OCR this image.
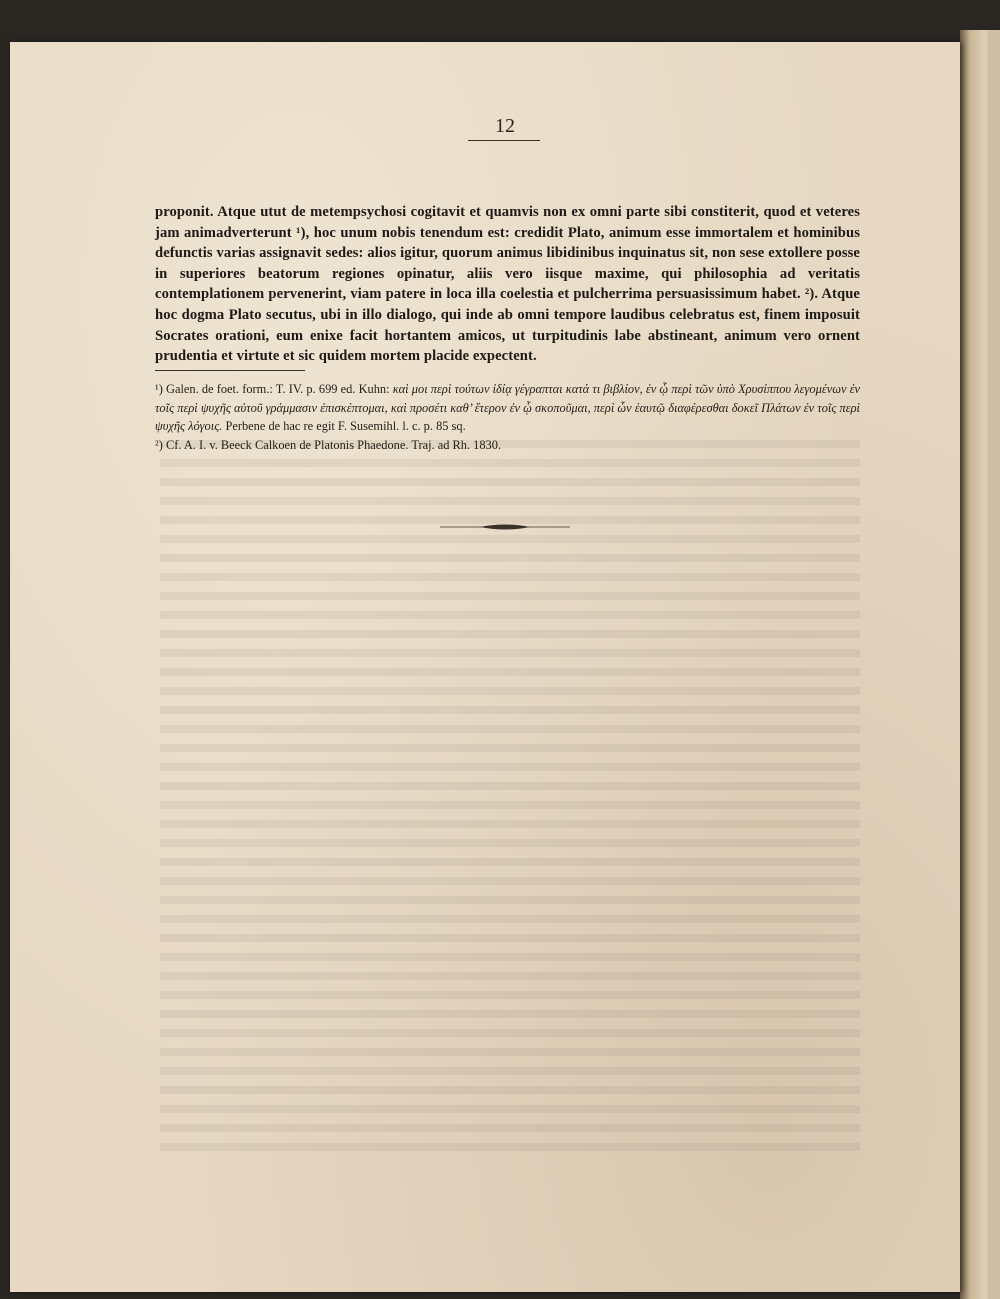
12

proponit. Atque utut de metempsychosi cogitavit et quamvis non ex omni parte sibi constiterit, quod et veteres jam animadverterunt ¹), hoc unum nobis tenendum est: credidit Plato, animum esse immortalem et hominibus defunctis varias assignavit sedes: alios igitur, quorum animus libidinibus inquinatus sit, non sese extollere posse in superiores beatorum regiones opinatur, aliis vero iisque maxime, qui philosophia ad veritatis contemplationem pervenerint, viam patere in loca illa coelestia et pulcherrima persuasissimum habet. ²). Atque hoc dogma Plato secutus, ubi in illo dialogo, qui inde ab omni tempore laudibus celebratus est, finem imposuit Socrates orationi, eum enixe facit hortantem amicos, ut turpitudinis labe abstineant, animum vero ornent prudentia et virtute et sic quidem mortem placide expectent.

¹) Galen. de foet. form.: T. IV. p. 699 ed. Kuhn: καὶ μοι περὶ τούτων ἰδίᾳ γέγραπται κατά τι βιβλίον, ἐν ᾧ περὶ τῶν ὑπὸ Χρυσίππου λεγομένων ἐν τοῖς περὶ ψυχῆς αὐτοῦ γράμμασιν ἐπισκέπτομαι, καὶ προσέτι καθ’ ἕτερον ἐν ᾧ σκοποῦμαι, περὶ ὧν ἑαυτῷ διαφέρεσθαι δοκεῖ Πλάτων ἐν τοῖς περὶ ψυχῆς λόγοις. Perbene de hac re egit F. Susemihl. l. c. p. 85 sq.

²) Cf. A. I. v. Beeck Calkoen de Platonis Phaedone. Traj. ad Rh. 1830.
